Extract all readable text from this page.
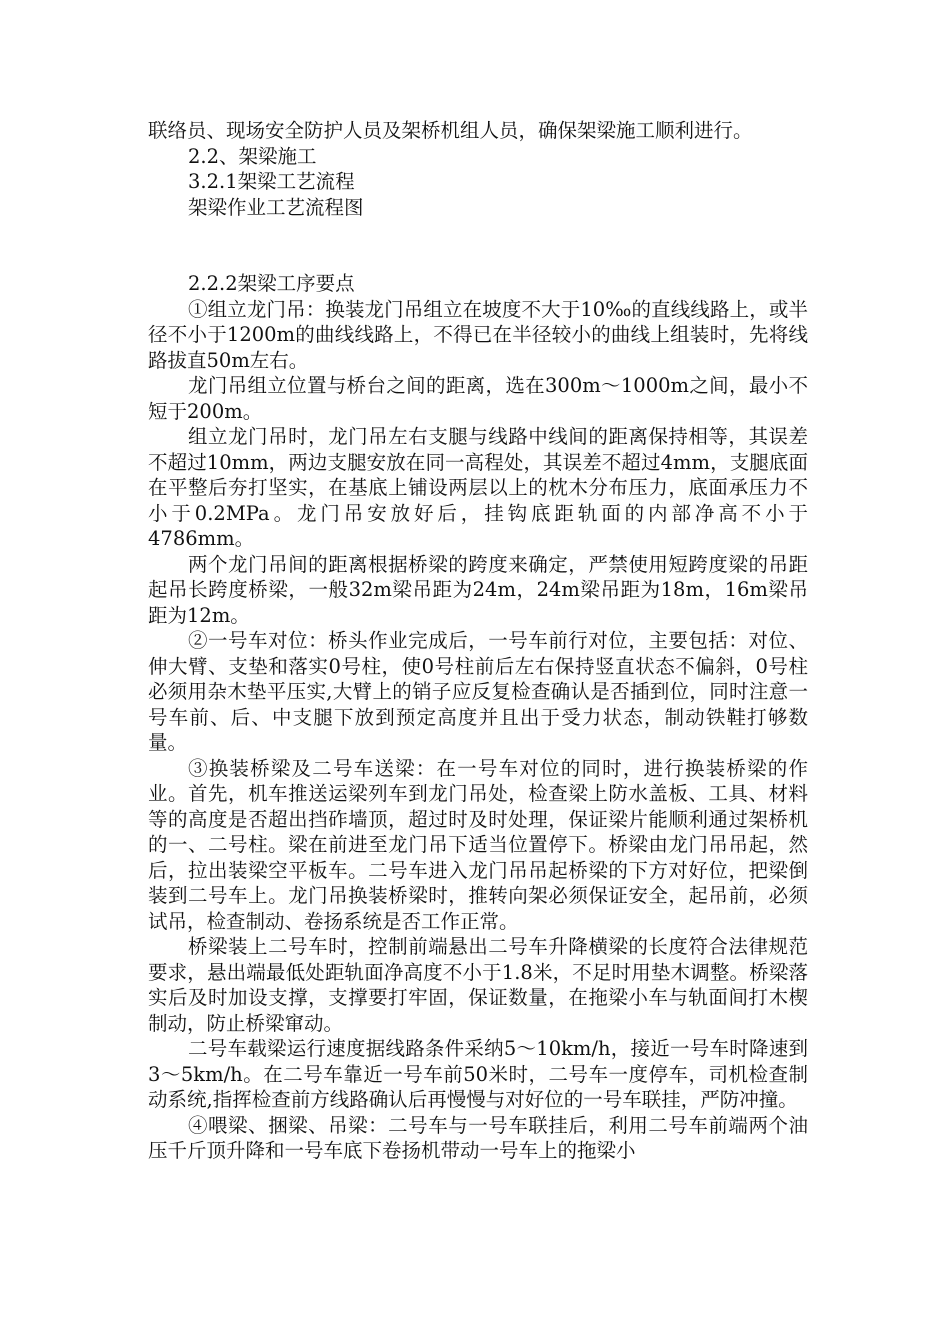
联络员、现场安全防护人员及架桥机组人员，确保架梁施工顺利进行。

2.2、架梁施工

3.2.1架梁工艺流程

架梁作业工艺流程图

2.2.2架梁工序要点

①组立龙门吊：换装龙门吊组立在坡度不大于10‰的直线线路上，或半径不小于1200m的曲线线路上，不得已在半径较小的曲线上组装时，先将线路拔直50m左右。

龙门吊组立位置与桥台之间的距离，选在300m～1000m之间，最小不短于200m。

组立龙门吊时，龙门吊左右支腿与线路中线间的距离保持相等，其误差不超过10mm，两边支腿安放在同一高程处，其误差不超过4mm，支腿底面在平整后夯打坚实，在基底上铺设两层以上的枕木分布压力，底面承压力不小于0.2MPa。龙门吊安放好后，挂钩底距轨面的内部净高不小于4786mm。

两个龙门吊间的距离根据桥梁的跨度来确定，严禁使用短跨度梁的吊距起吊长跨度桥梁，一般32m梁吊距为24m，24m梁吊距为18m，16m梁吊距为12m。

②一号车对位：桥头作业完成后，一号车前行对位，主要包括：对位、伸大臂、支垫和落实0号柱，使0号柱前后左右保持竖直状态不偏斜，0号柱必须用杂木垫平压实,大臂上的销子应反复检查确认是否插到位，同时注意一号车前、后、中支腿下放到预定高度并且出于受力状态，制动铁鞋打够数量。

③换装桥梁及二号车送梁：在一号车对位的同时，进行换装桥梁的作业。首先，机车推送运梁列车到龙门吊处，检查梁上防水盖板、工具、材料等的高度是否超出挡砟墙顶，超过时及时处理，保证梁片能顺利通过架桥机的一、二号柱。梁在前进至龙门吊下适当位置停下。桥梁由龙门吊吊起，然后，拉出装梁空平板车。二号车进入龙门吊吊起桥梁的下方对好位，把梁倒装到二号车上。龙门吊换装桥梁时，推转向架必须保证安全，起吊前，必须试吊，检查制动、卷扬系统是否工作正常。

桥梁装上二号车时，控制前端悬出二号车升降横梁的长度符合法律规范要求，悬出端最低处距轨面净高度不小于1.8米，不足时用垫木调整。桥梁落实后及时加设支撑，支撑要打牢固，保证数量，在拖梁小车与轨面间打木楔制动，防止桥梁窜动。

二号车载梁运行速度据线路条件采纳5～10km/h，接近一号车时降速到3～5km/h。在二号车靠近一号车前50米时，二号车一度停车，司机检查制动系统,指挥检查前方线路确认后再慢慢与对好位的一号车联挂，严防冲撞。

④喂梁、捆梁、吊梁：二号车与一号车联挂后，利用二号车前端两个油压千斤顶升降和一号车底下卷扬机带动一号车上的拖梁小
